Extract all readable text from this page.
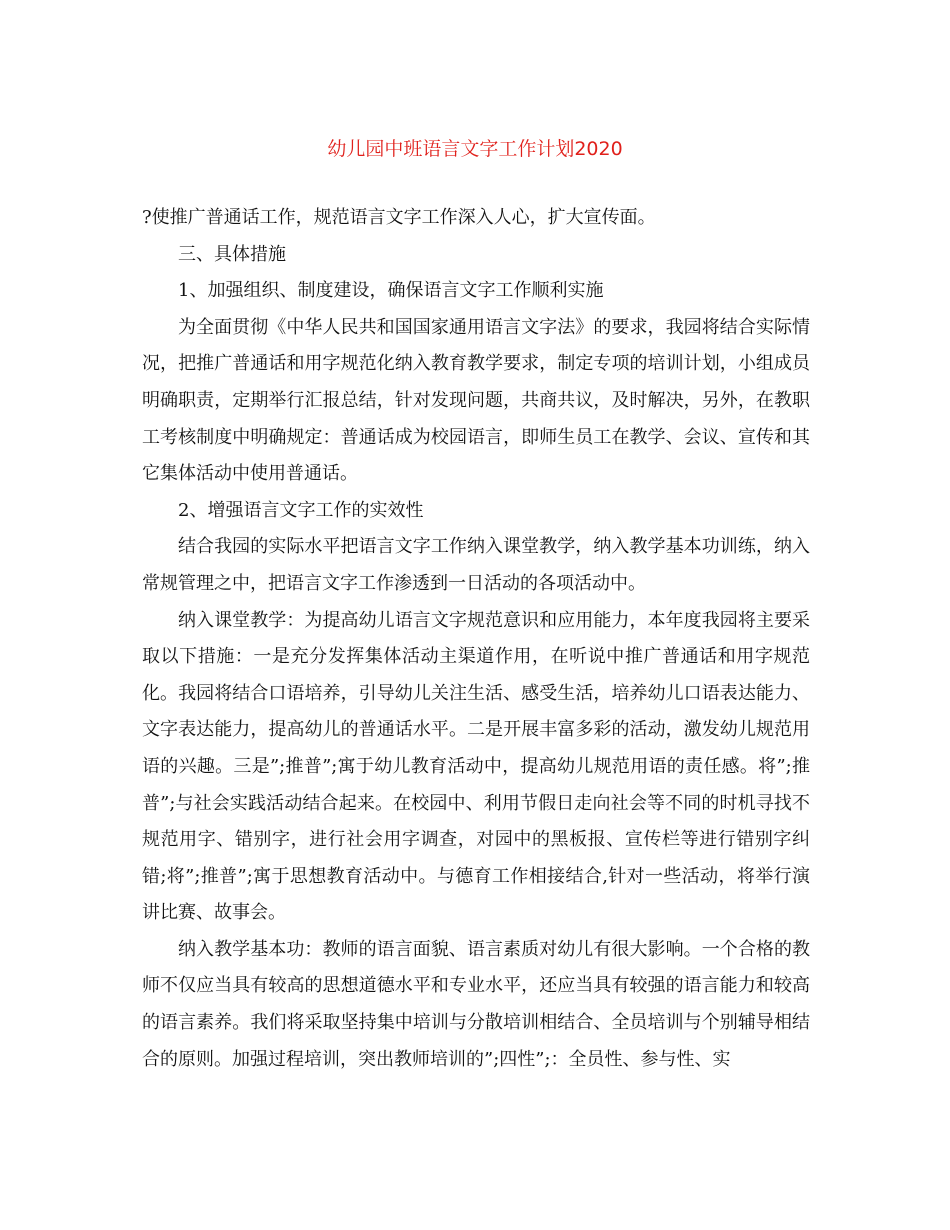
幼儿园中班语言文字工作计划2020

?使推广普通话工作，规范语言文字工作深入人心，扩大宣传面。

三、具体措施

1、加强组织、制度建设，确保语言文字工作顺利实施

为全面贯彻《中华人民共和国国家通用语言文字法》的要求，我园将结合实际情况，把推广普通话和用字规范化纳入教育教学要求，制定专项的培训计划，小组成员明确职责，定期举行汇报总结，针对发现问题，共商共议，及时解决，另外，在教职工考核制度中明确规定：普通话成为校园语言，即师生员工在教学、会议、宣传和其它集体活动中使用普通话。

2、增强语言文字工作的实效性

结合我园的实际水平把语言文字工作纳入课堂教学，纳入教学基本功训练，纳入常规管理之中，把语言文字工作渗透到一日活动的各项活动中。

纳入课堂教学：为提高幼儿语言文字规范意识和应用能力，本年度我园将主要采取以下措施：一是充分发挥集体活动主渠道作用，在听说中推广普通话和用字规范化。我园将结合口语培养，引导幼儿关注生活、感受生活，培养幼儿口语表达能力、文字表达能力，提高幼儿的普通话水平。二是开展丰富多彩的活动，激发幼儿规范用语的兴趣。三是”;推普”;寓于幼儿教育活动中，提高幼儿规范用语的责任感。将”;推普”;与社会实践活动结合起来。在校园中、利用节假日走向社会等不同的时机寻找不规范用字、错别字，进行社会用字调查，对园中的黑板报、宣传栏等进行错别字纠错;将”;推普”;寓于思想教育活动中。与德育工作相接结合,针对一些活动，将举行演讲比赛、故事会。

纳入教学基本功：教师的语言面貌、语言素质对幼儿有很大影响。一个合格的教师不仅应当具有较高的思想道德水平和专业水平，还应当具有较强的语言能力和较高的语言素养。我们将采取坚持集中培训与分散培训相结合、全员培训与个别辅导相结合的原则。加强过程培训，突出教师培训的”;四性”;：全员性、参与性、实
